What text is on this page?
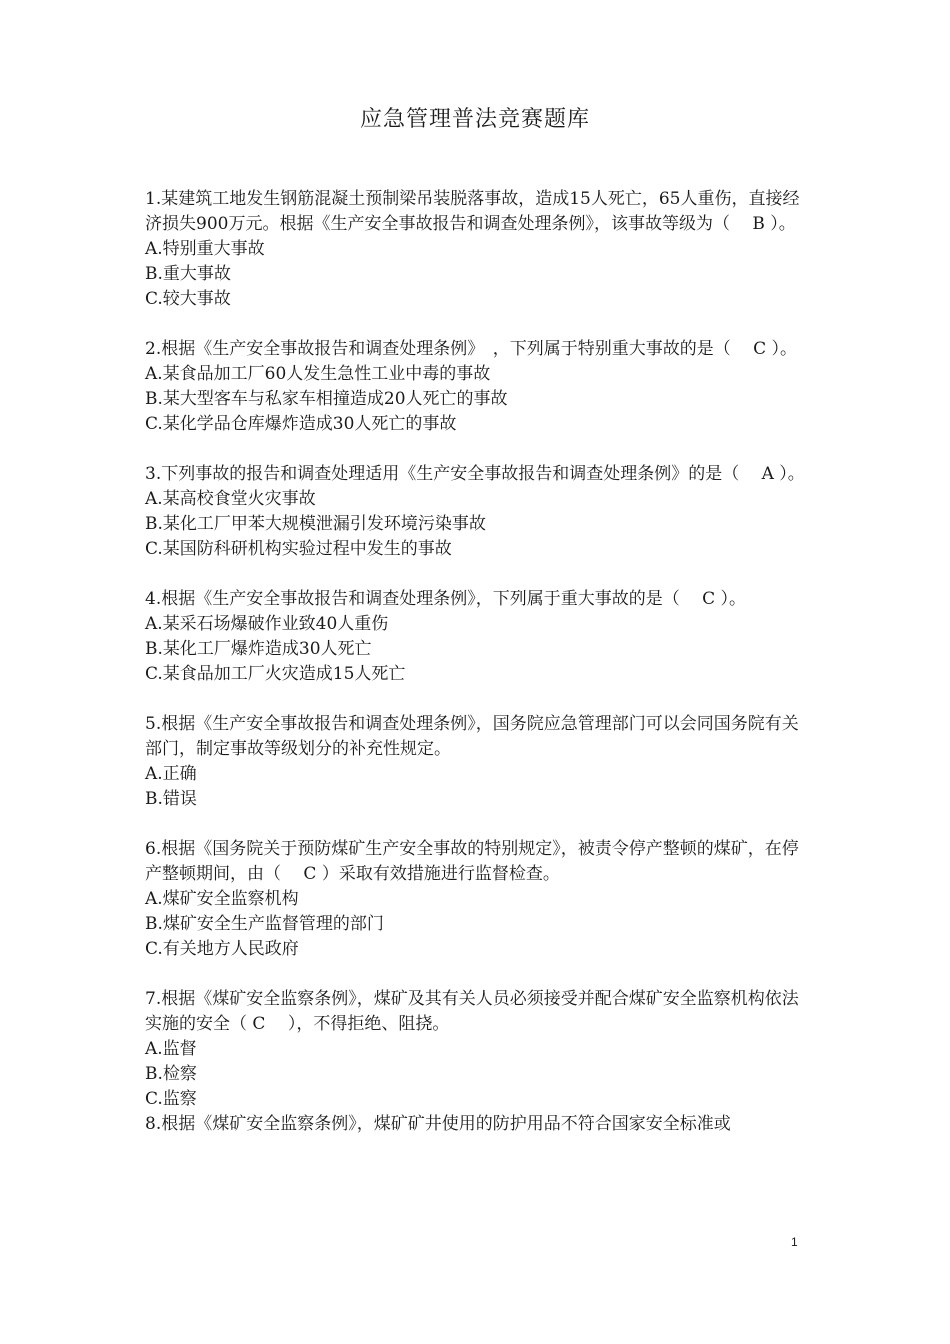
应急管理普法竞赛题库

1.某建筑工地发生钢筋混凝土预制梁吊装脱落事故，造成15人死亡，65人重伤，直接经济损失900万元。根据《生产安全事故报告和调查处理条例》，该事故等级为（　 B ）。

A.特别重大事故

B.重大事故

C.较大事故

2.根据《生产安全事故报告和调查处理条例》　，下列属于特别重大事故的是（　 C ）。

A.某食品加工厂60人发生急性工业中毒的事故

B.某大型客车与私家车相撞造成20人死亡的事故

C.某化学品仓库爆炸造成30人死亡的事故

3.下列事故的报告和调查处理适用《生产安全事故报告和调查处理条例》的是（　 A ）。

A.某高校食堂火灾事故

B.某化工厂甲苯大规模泄漏引发环境污染事故

C.某国防科研机构实验过程中发生的事故

4.根据《生产安全事故报告和调查处理条例》，下列属于重大事故的是（　 C ）。

A.某采石场爆破作业致40人重伤

B.某化工厂爆炸造成30人死亡

C.某食品加工厂火灾造成15人死亡

5.根据《生产安全事故报告和调查处理条例》，国务院应急管理部门可以会同国务院有关部门，制定事故等级划分的补充性规定。

A.正确

B.错误

6.根据《国务院关于预防煤矿生产安全事故的特别规定》，被责令停产整顿的煤矿，在停产整顿期间，由（　 C ）采取有效措施进行监督检查。

A.煤矿安全监察机构

B.煤矿安全生产监督管理的部门

C.有关地方人民政府

7.根据《煤矿安全监察条例》，煤矿及其有关人员必须接受并配合煤矿安全监察机构依法实施的安全（ C　 ），不得拒绝、阻挠。

A.监督

B.检察

C.监察

8.根据《煤矿安全监察条例》，煤矿矿井使用的防护用品不符合国家安全标准或

1
